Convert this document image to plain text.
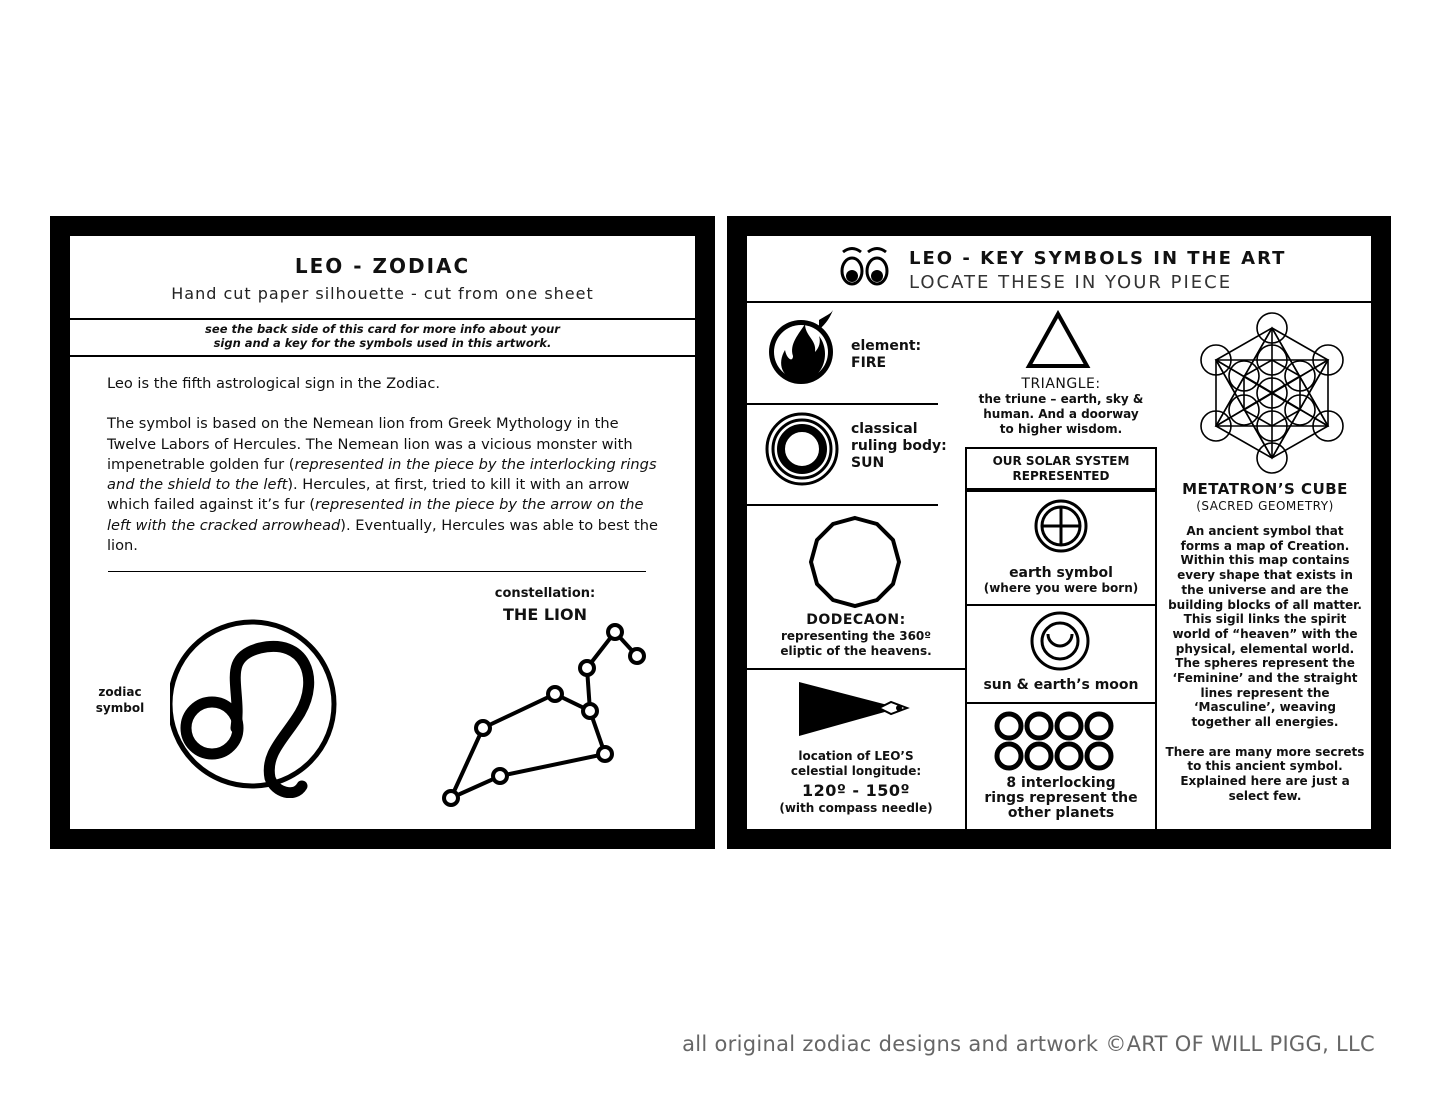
LEO - ZODIAC
Hand cut paper silhouette - cut from one sheet
see the back side of this card for more info about your
sign and a key for the symbols used in this artwork.

Leo is the fifth astrological sign in the Zodiac.

The symbol is based on the Nemean lion from Greek Mythology in the Twelve Labors of Hercules. The Nemean lion was a vicious monster with impenetrable golden fur (represented in the piece by the interlocking rings and the shield to the left). Hercules, at first, tried to kill it with an arrow which failed against it’s fur (represented in the piece by the arrow on the left with the cracked arrowhead). Eventually, Hercules was able to best the lion.

zodiac
symbol
constellation:
THE LION
LEO - KEY SYMBOLS IN THE ART
LOCATE THESE IN YOUR PIECE
element:
FIRE
classical
ruling body:
SUN
DODECAON:
representing the 360º
eliptic of the heavens.
location of LEO’S
celestial longitude:
120º - 150º
(with compass needle)
TRIANGLE:
the triune – earth, sky &
human. And a doorway
to higher wisdom.
OUR SOLAR SYSTEM
REPRESENTED
earth symbol
(where you were born)
sun & earth’s moon
8 interlocking
rings represent the
other planets
METATRON’S CUBE
(SACRED GEOMETRY)
An ancient symbol that
forms a map of Creation.
Within this map contains
every shape that exists in
the universe and are the
building blocks of all matter.
This sigil links the spirit
world of “heaven” with the
physical, elemental world.
The spheres represent the
‘Feminine’ and the straight
lines represent the
‘Masculine’, weaving
together all energies.
There are many more secrets
to this ancient symbol.
Explained here are just a
select few.
all original zodiac designs and artwork ©ART OF WILL PIGG, LLC
